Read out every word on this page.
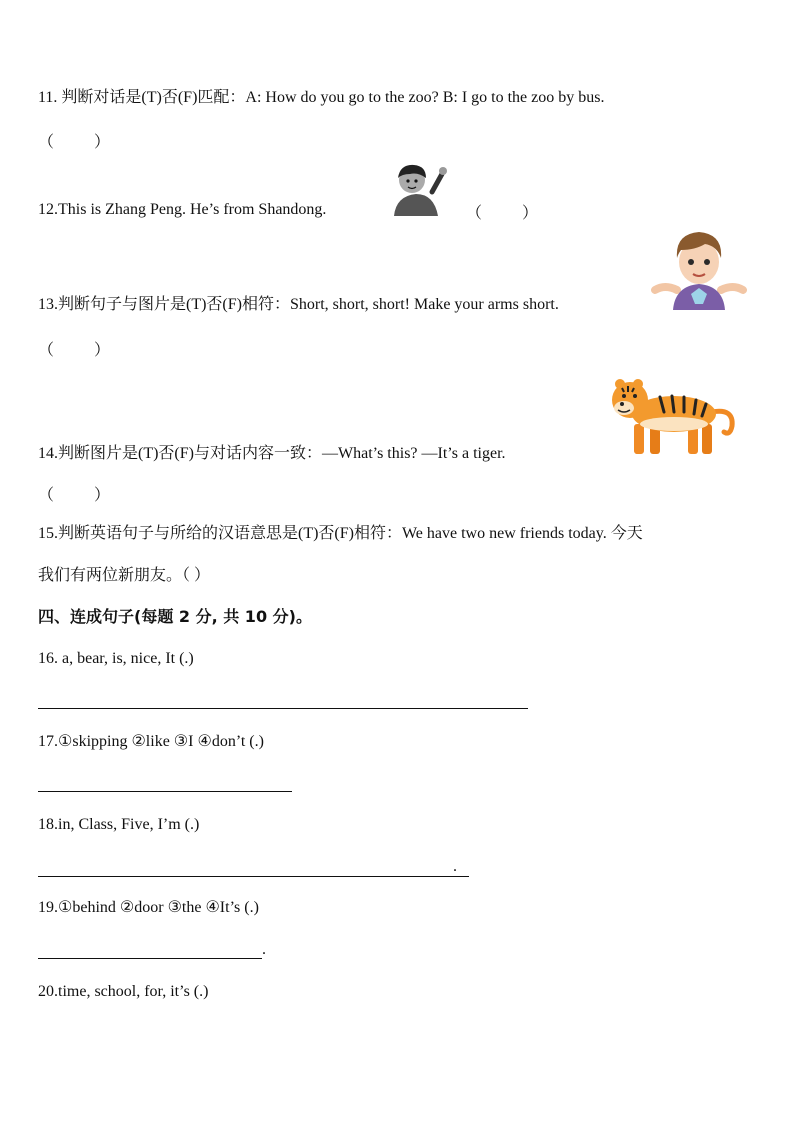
11. 判断对话是(T)否(F)匹配：A: How do you go to the zoo? B: I go to the zoo by bus.
（          ）
12.This is Zhang Peng. He’s from Shandong.	（          ）
13.判断句子与图片是(T)否(F)相符：Short, short, short! Make your arms short.
（          ）
14.判断图片是(T)否(F)与对话内容一致：—What’s this? —It’s a tiger.
（          ）
15.判断英语句子与所给的汉语意思是(T)否(F)相符：We have two new friends today. 今天
我们有两位新朋友。（ ）
四、连成句子(每题 2 分, 共 10 分)。
16. a, bear, is, nice, It (.)
17.①skipping ②like ③I ④don’t (.)
18.in, Class, Five, I’m (.)
.
19.①behind ②door ③the ④It’s (.)
.
20.time, school, for, it’s (.)
